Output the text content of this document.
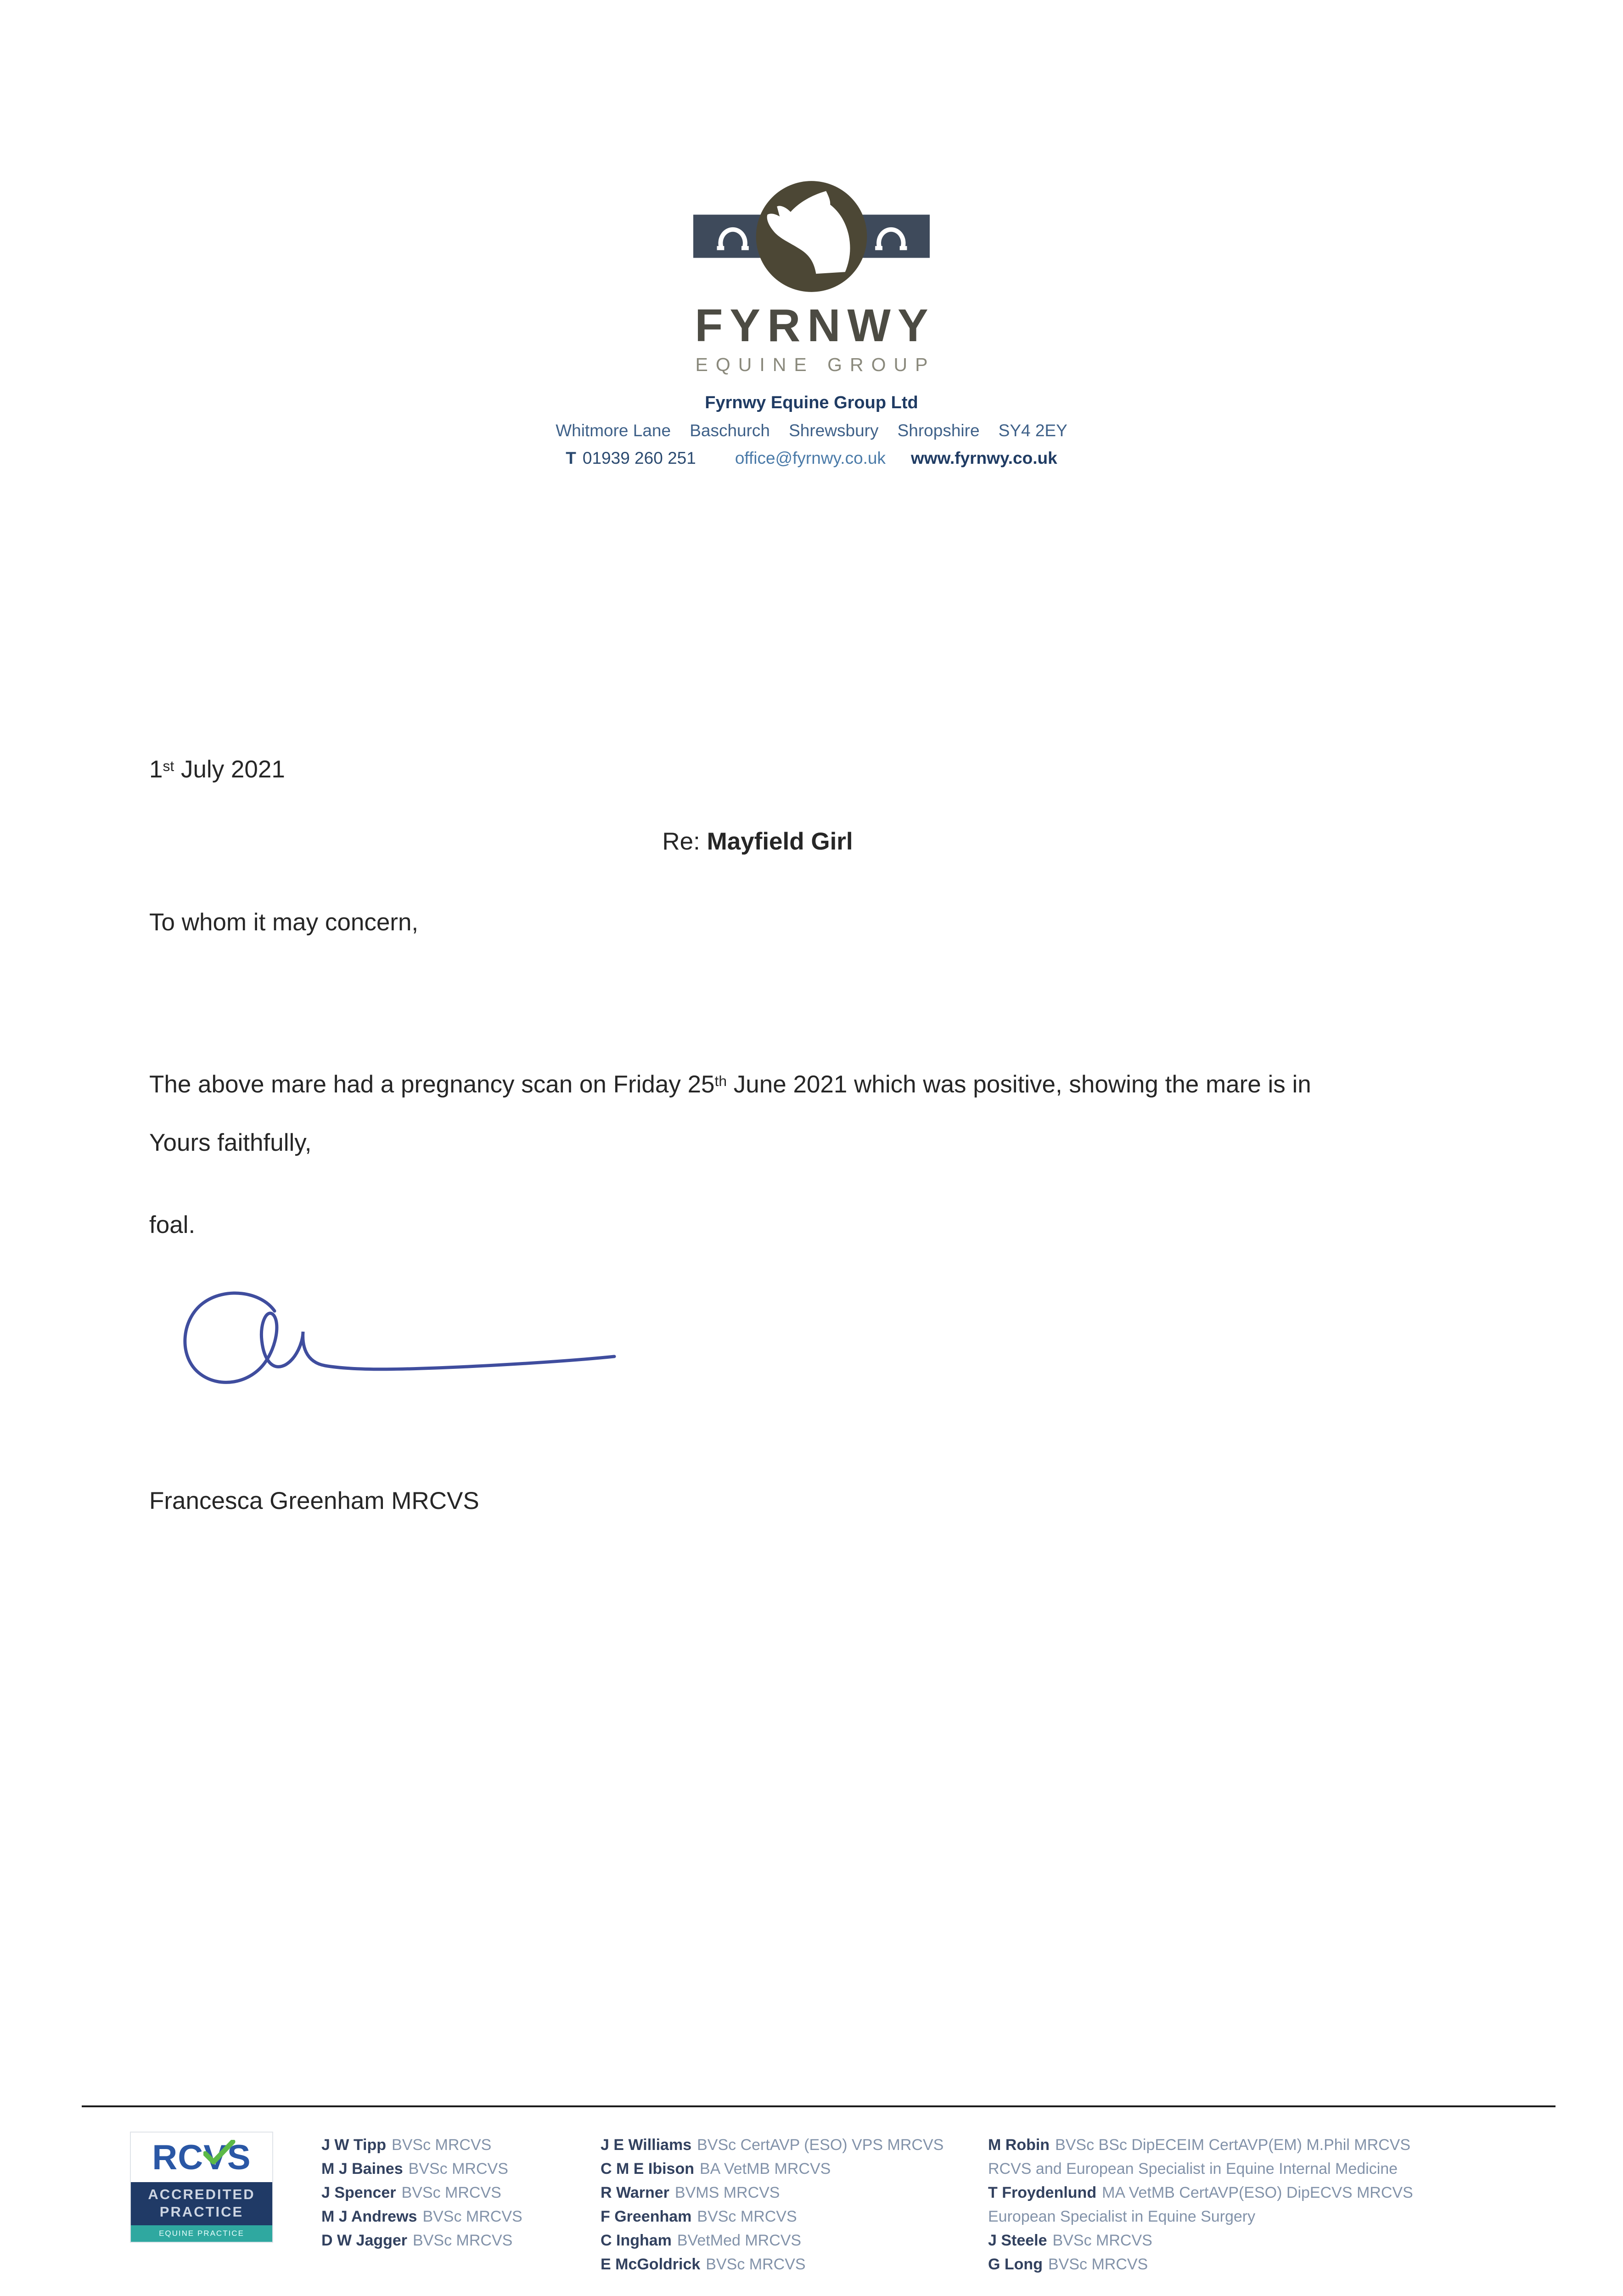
FYRNWY
EQUINE GROUP
Fyrnwy Equine Group Ltd
Whitmore Lane    Baschurch    Shrewsbury    Shropshire    SY4 2EY
T 01939 260 251 office@fyrnwy.co.uk www.fyrnwy.co.uk
1st July 2021
Re: Mayfield Girl
To whom it may concern,

The above mare had a pregnancy scan on Friday 25th June 2021 which was positive, showing the mare is in

foal.

Yours faithfully,
Francesca Greenham MRCVS
RCVS
ACCREDITED
PRACTICE
EQUINE PRACTICE
J W Tipp BVSc MRCVS
M J Baines BVSc MRCVS
J Spencer BVSc MRCVS
M J Andrews BVSc MRCVS
D W Jagger BVSc MRCVS
J E Williams BVSc CertAVP (ESO) VPS MRCVS
C M E Ibison BA VetMB MRCVS
R Warner BVMS MRCVS
F Greenham BVSc MRCVS
C Ingham BVetMed MRCVS
E McGoldrick BVSc MRCVS
M Robin BVSc BSc DipECEIM CertAVP(EM) M.Phil MRCVS
RCVS and European Specialist in Equine Internal Medicine
T Froydenlund MA VetMB CertAVP(ESO) DipECVS MRCVS
European Specialist in Equine Surgery
J Steele BVSc MRCVS
G Long BVSc MRCVS
